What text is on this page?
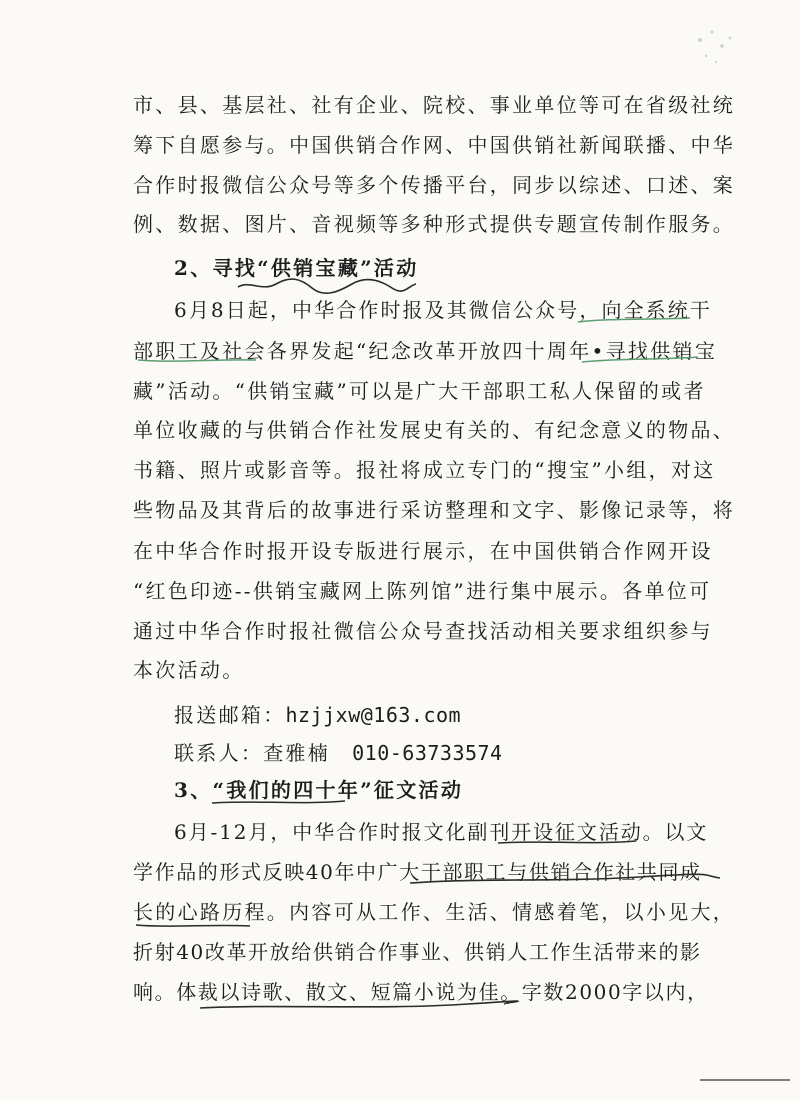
市、县、基层社、社有企业、院校、事业单位等可在省级社统
筹下自愿参与。中国供销合作网、中国供销社新闻联播、中华
合作时报微信公众号等多个传播平台，同步以综述、口述、案
例、数据、图片、音视频等多种形式提供专题宣传制作服务。
2、寻找“供销宝藏”活动
6月8日起，中华合作时报及其微信公众号，向全系统干
部职工及社会各界发起“纪念改革开放四十周年•寻找供销宝
藏”活动。“供销宝藏”可以是广大干部职工私人保留的或者
单位收藏的与供销合作社发展史有关的、有纪念意义的物品、
书籍、照片或影音等。报社将成立专门的“搜宝”小组，对这
些物品及其背后的故事进行采访整理和文字、影像记录等，将
在中华合作时报开设专版进行展示，在中国供销合作网开设
“红色印迹--供销宝藏网上陈列馆”进行集中展示。各单位可
通过中华合作时报社微信公众号查找活动相关要求组织参与
本次活动。
报送邮箱：hzjjxw@163.com
联系人：查雅楠 010-63733574
3、“我们的四十年”征文活动
6月-12月，中华合作时报文化副刊开设征文活动。以文
学作品的形式反映40年中广大干部职工与供销合作社共同成
长的心路历程。内容可从工作、生活、情感着笔，以小见大，
折射40改革开放给供销合作事业、供销人工作生活带来的影
响。体裁以诗歌、散文、短篇小说为佳。字数2000字以内，
